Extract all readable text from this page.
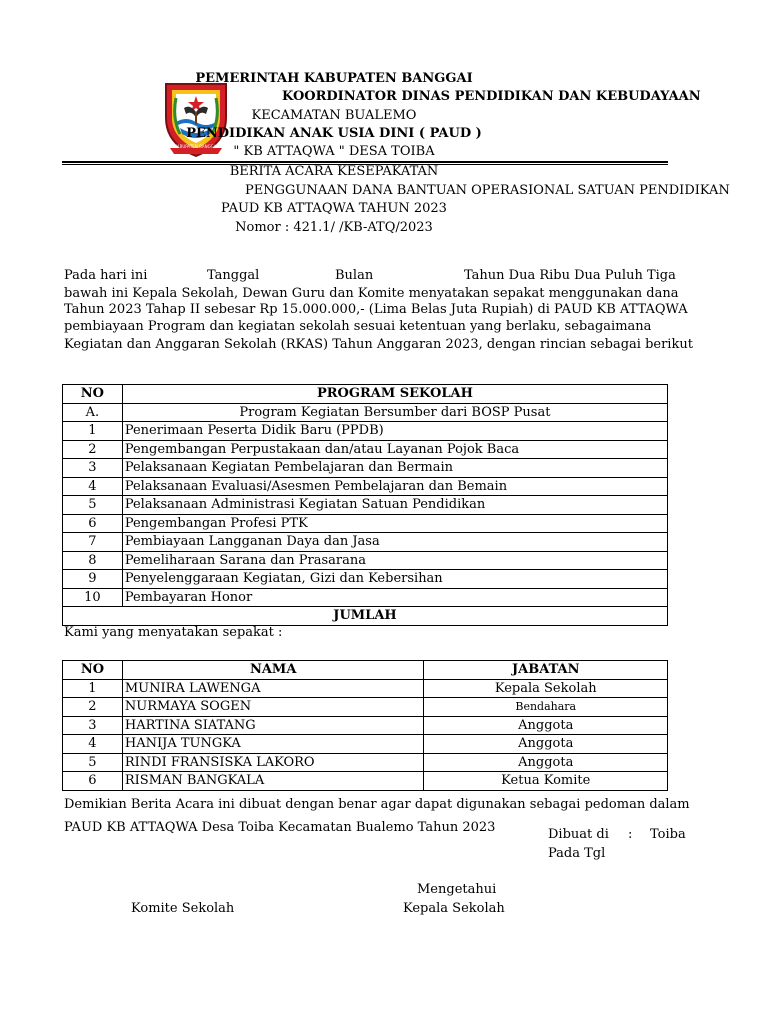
KABUPATEN BANGGAI
PEMERINTAH KABUPATEN BANGGAI
KOORDINATOR DINAS PENDIDIKAN DAN KEBUDAYAAN
KECAMATAN BUALEMO
PENDIDIKAN ANAK USIA DINI ( PAUD )
" KB ATTAQWA " DESA TOIBA
BERITA ACARA KESEPAKATAN
PENGGUNAAN DANA BANTUAN OPERASIONAL SATUAN PENDIDIKAN
PAUD KB ATTAQWA TAHUN 2023
Nomor : 421.1/ /KB-ATQ/2023
Pada hari ini	Tanggal	Bulan	Tahun Dua Ribu Dua Puluh Tiga
bawah ini Kepala Sekolah, Dewan Guru dan Komite menyatakan sepakat menggunakan dana
Tahun 2023 Tahap II sebesar Rp 15.000.000,- (Lima Belas Juta Rupiah) di PAUD KB ATTAQWA
pembiayaan Program dan kegiatan sekolah sesuai ketentuan yang berlaku, sebagaimana
Kegiatan dan Anggaran Sekolah (RKAS) Tahun Anggaran 2023, dengan rincian sebagai berikut
NO	PROGRAM SEKOLAH
A.	Program Kegiatan Bersumber dari BOSP Pusat
1	Penerimaan Peserta Didik Baru (PPDB)
2	Pengembangan Perpustakaan dan/atau Layanan Pojok Baca
3	Pelaksanaan Kegiatan Pembelajaran dan Bermain
4	Pelaksanaan Evaluasi/Asesmen Pembelajaran dan Bemain
5	Pelaksanaan Administrasi Kegiatan Satuan Pendidikan
6	Pengembangan Profesi PTK
7	Pembiayaan Langganan Daya dan Jasa
8	Pemeliharaan Sarana dan Prasarana
9	Penyelenggaraan Kegiatan, Gizi dan Kebersihan
10	Pembayaran Honor
JUMLAH	
Kami yang menyatakan sepakat :
NO	NAMA	JABATAN
1	MUNIRA LAWENGA	Kepala Sekolah
2	NURMAYA SOGEN	Bendahara
3	HARTINA SIATANG	Anggota
4	HANIJA TUNGKA	Anggota
5	RINDI FRANSISKA LAKORO	Anggota
6	RISMAN BANGKALA	Ketua Komite
Demikian Berita Acara ini dibuat dengan benar agar dapat digunakan sebagai pedoman dalam
PAUD KB ATTAQWA Desa Toiba Kecamatan Bualemo Tahun 2023	Dibuat di : Toiba
Pada Tgl
Mengetahui
Komite Sekolah	Kepala Sekolah
